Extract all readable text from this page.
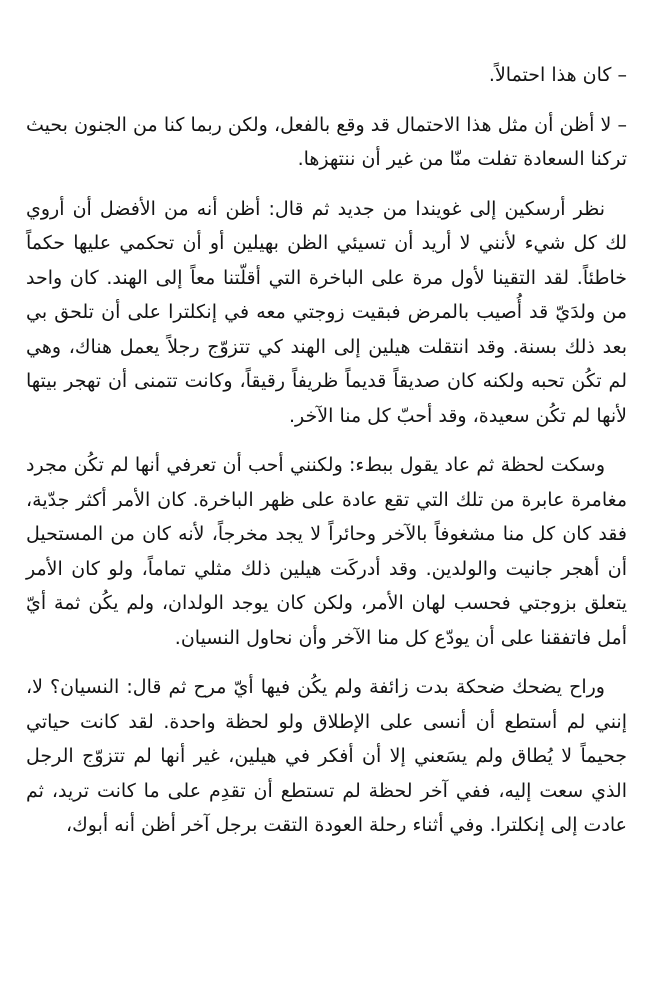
– كان هذا احتمالاً.

– لا أظن أن مثل هذا الاحتمال قد وقع بالفعل، ولكن ربما كنا من الجنون بحيث تركنا السعادة تفلت منّا من غير أن ننتهزها.

نظر أرسكين إلى غويندا من جديد ثم قال: أظن أنه من الأفضل أن أروي لك كل شيء لأنني لا أريد أن تسيئي الظن بهيلين أو أن تحكمي عليها حكماً خاطئاً. لقد التقينا لأول مرة على الباخرة التي أقلّتنا معاً إلى الهند. كان واحد من ولدَيّ قد أُصيب بالمرض فبقيت زوجتي معه في إنكلترا على أن تلحق بي بعد ذلك بسنة. وقد انتقلت هيلين إلى الهند كي تتزوّج رجلاً يعمل هناك، وهي لم تكُن تحبه ولكنه كان صديقاً قديماً ظريفاً رقيقاً، وكانت تتمنى أن تهجر بيتها لأنها لم تكُن سعيدة، وقد أحبّ كل منا الآخر.

وسكت لحظة ثم عاد يقول ببطء: ولكنني أحب أن تعرفي أنها لم تكُن مجرد مغامرة عابرة من تلك التي تقع عادة على ظهر الباخرة. كان الأمر أكثر جدّية، فقد كان كل منا مشغوفاً بالآخر وحائراً لا يجد مخرجاً، لأنه كان من المستحيل أن أهجر جانيت والولدين. وقد أدركَت هيلين ذلك مثلي تماماً، ولو كان الأمر يتعلق بزوجتي فحسب لهان الأمر، ولكن كان يوجد الولدان، ولم يكُن ثمة أيّ أمل فاتفقنا على أن يودّع كل منا الآخر وأن نحاول النسيان.

وراح يضحك ضحكة بدت زائفة ولم يكُن فيها أيّ مرح ثم قال: النسيان؟ لا، إنني لم أستطع أن أنسى على الإطلاق ولو لحظة واحدة. لقد كانت حياتي جحيماً لا يُطاق ولم يسَعني إلا أن أفكر في هيلين، غير أنها لم تتزوّج الرجل الذي سعت إليه، ففي آخر لحظة لم تستطع أن تقدِم على ما كانت تريد، ثم عادت إلى إنكلترا. وفي أثناء رحلة العودة التقت برجل آخر أظن أنه أبوك،
